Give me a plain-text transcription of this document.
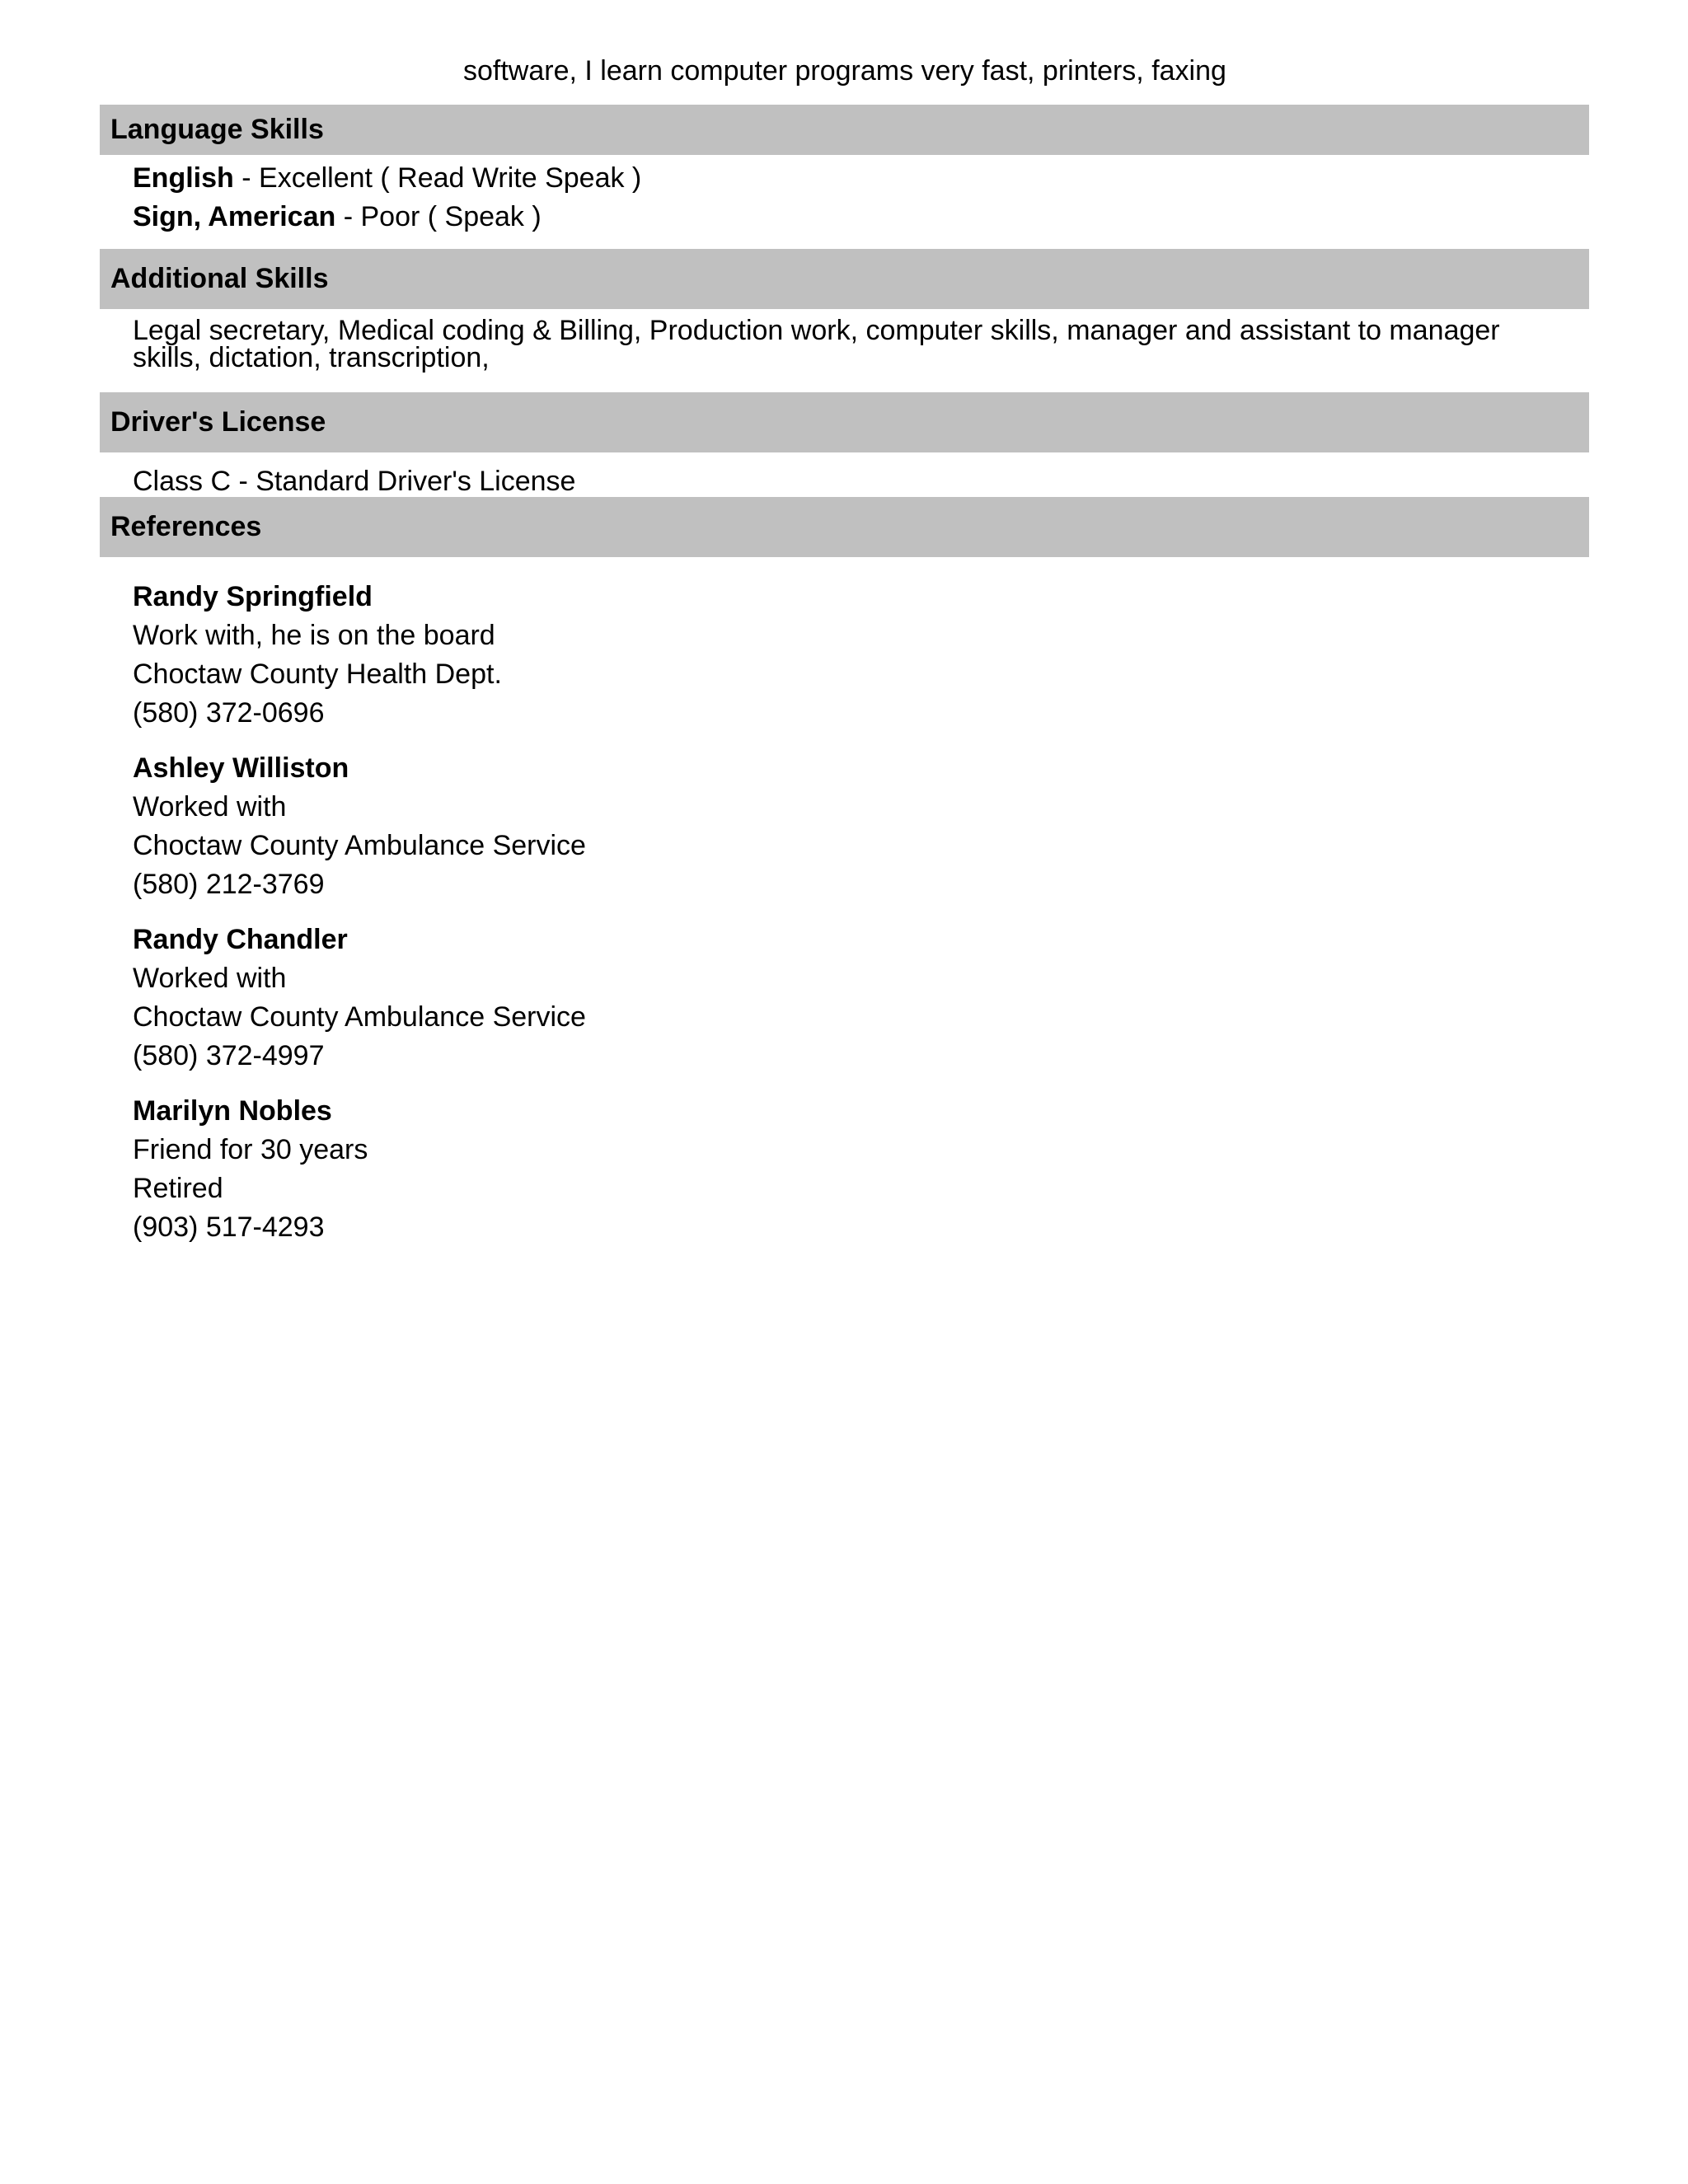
software, I learn computer programs very fast, printers, faxing
Language Skills
English - Excellent ( Read Write Speak )
Sign, American - Poor ( Speak )
Additional Skills
Legal secretary, Medical coding & Billing, Production work, computer skills, manager and assistant to manager skills, dictation, transcription,
Driver's License
Class C - Standard Driver's License
References
Randy Springfield
Work with, he is on the board
Choctaw County Health Dept.
(580) 372-0696
Ashley Williston
Worked with
Choctaw County Ambulance Service
(580) 212-3769
Randy Chandler
Worked with
Choctaw County Ambulance Service
(580) 372-4997
Marilyn Nobles
Friend for 30 years
Retired
(903) 517-4293
